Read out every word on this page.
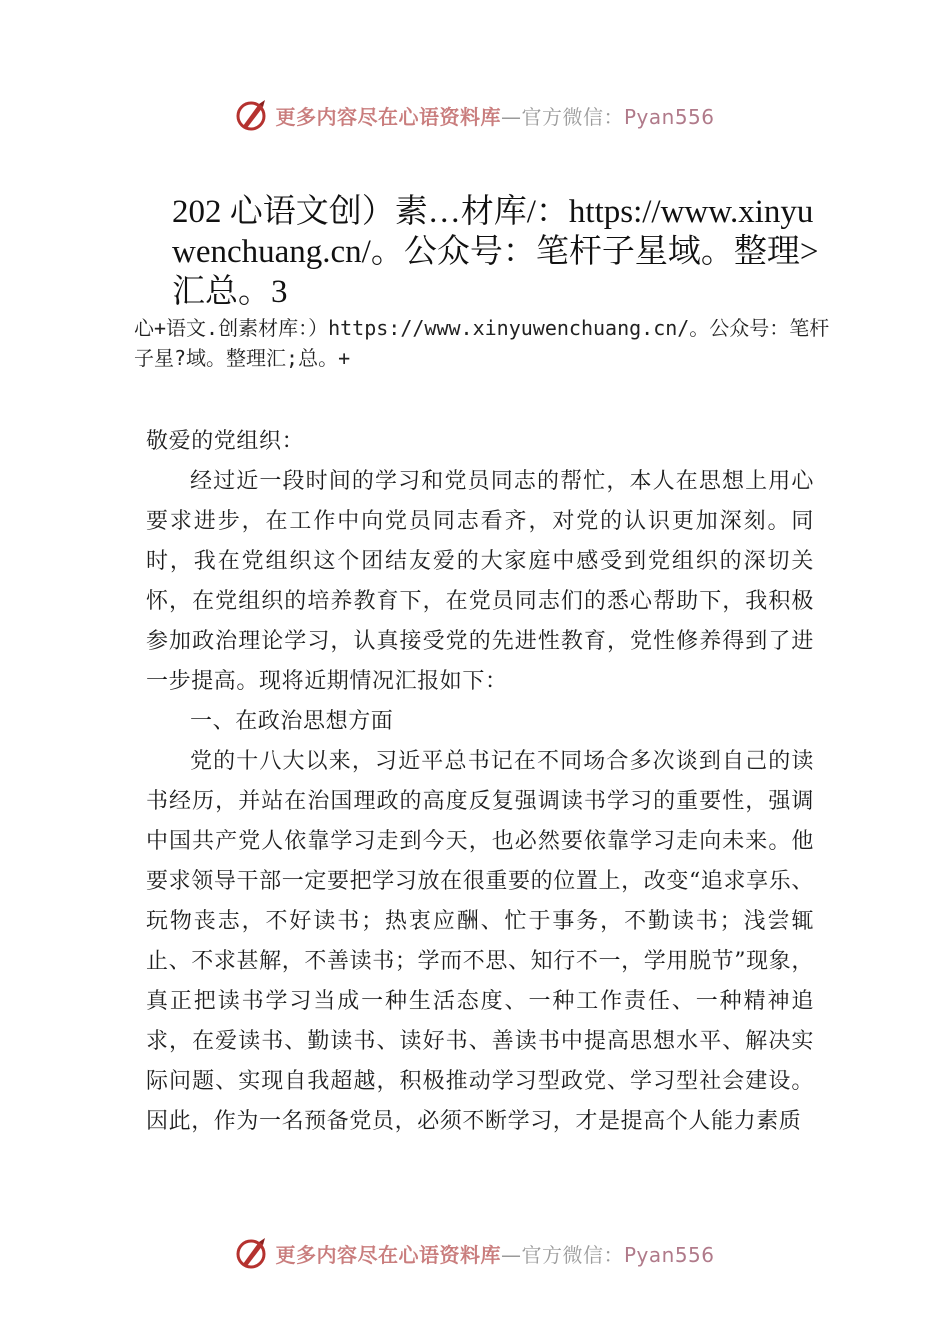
更多内容尽在心语资料库—官方微信：Pyan556
202 心语文创）素…材库/：https://www.xinyuwenchuang.cn/。公众号：笔杆子星域。整理>汇总。3
心+语文.创素材库：）https://www.xinyuwenchuang.cn/。公众号：笔杆子星?域。整理汇;总。+

敬爱的党组织：

经过近一段时间的学习和党员同志的帮忙，本人在思想上用心要求进步，在工作中向党员同志看齐，对党的认识更加深刻。同时，我在党组织这个团结友爱的大家庭中感受到党组织的深切关怀，在党组织的培养教育下，在党员同志们的悉心帮助下，我积极参加政治理论学习，认真接受党的先进性教育，党性修养得到了进一步提高。现将近期情况汇报如下：

一、在政治思想方面

党的十八大以来，习近平总书记在不同场合多次谈到自己的读书经历，并站在治国理政的高度反复强调读书学习的重要性，强调中国共产党人依靠学习走到今天，也必然要依靠学习走向未来。他要求领导干部一定要把学习放在很重要的位置上，改变“追求享乐、玩物丧志，不好读书；热衷应酬、忙于事务，不勤读书；浅尝辄止、不求甚解，不善读书；学而不思、知行不一，学用脱节”现象，真正把读书学习当成一种生活态度、一种工作责任、一种精神追求，在爱读书、勤读书、读好书、善读书中提高思想水平、解决实际问题、实现自我超越，积极推动学习型政党、学习型社会建设。因此，作为一名预备党员，必须不断学习，才是提高个人能力素质

更多内容尽在心语资料库—官方微信：Pyan556
